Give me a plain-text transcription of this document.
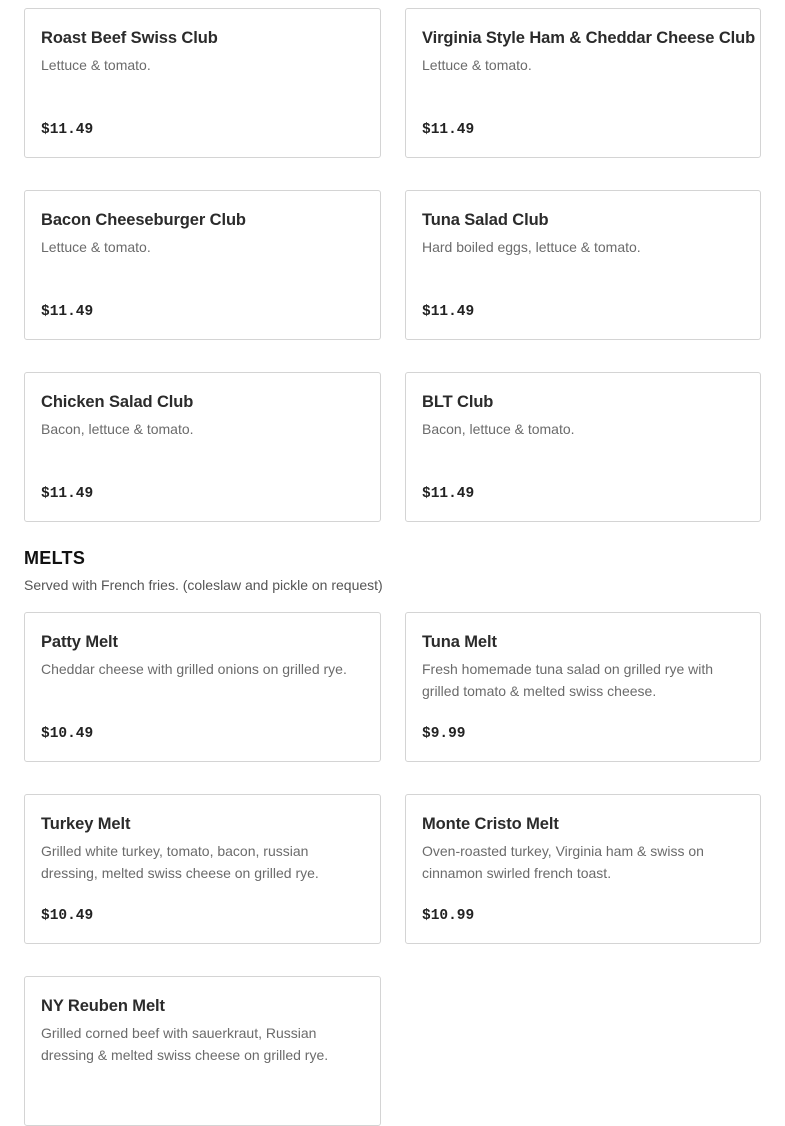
Roast Beef Swiss Club
Lettuce & tomato.
$11.49
Virginia Style Ham & Cheddar Cheese Club
Lettuce & tomato.
$11.49
Bacon Cheeseburger Club
Lettuce & tomato.
$11.49
Tuna Salad Club
Hard boiled eggs, lettuce & tomato.
$11.49
Chicken Salad Club
Bacon, lettuce & tomato.
$11.49
BLT Club
Bacon, lettuce & tomato.
$11.49
MELTS

Served with French fries. (coleslaw and pickle on request)

Patty Melt
Cheddar cheese with grilled onions on grilled rye.
$10.49
Tuna Melt
Fresh homemade tuna salad on grilled rye with grilled tomato & melted swiss cheese.
$9.99
Turkey Melt
Grilled white turkey, tomato, bacon, russian dressing, melted swiss cheese on grilled rye.
$10.49
Monte Cristo Melt
Oven-roasted turkey, Virginia ham & swiss on cinnamon swirled french toast.
$10.99
NY Reuben Melt
Grilled corned beef with sauerkraut, Russian dressing & melted swiss cheese on grilled rye.
